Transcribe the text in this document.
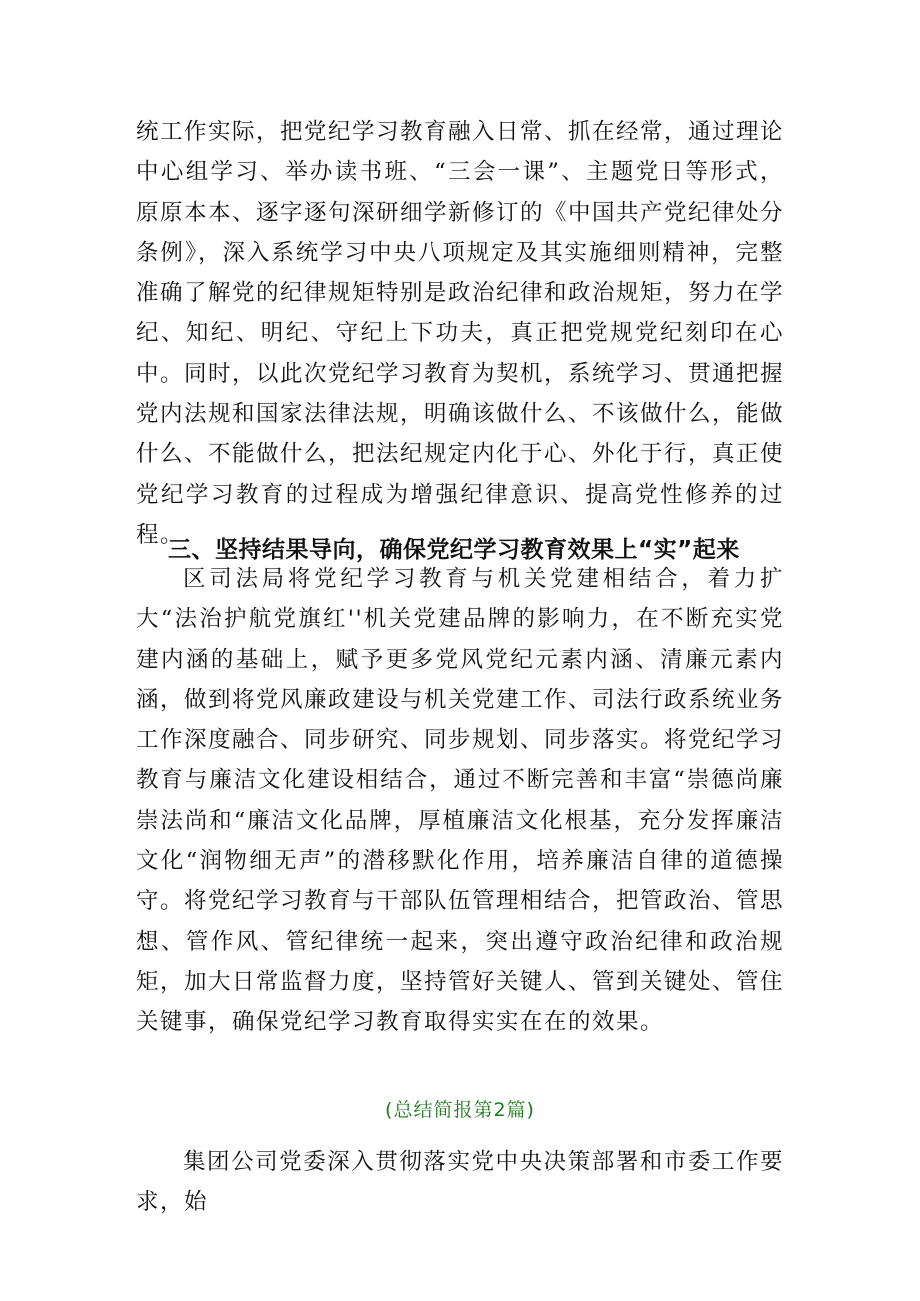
统工作实际，把党纪学习教育融入日常、抓在经常，通过理论中心组学习、举办读书班、“三会一课”、主题党日等形式，原原本本、逐字逐句深研细学新修订的《中国共产党纪律处分条例》，深入系统学习中央八项规定及其实施细则精神，完整准确了解党的纪律规矩特别是政治纪律和政治规矩，努力在学纪、知纪、明纪、守纪上下功夫，真正把党规党纪刻印在心中。同时，以此次党纪学习教育为契机，系统学习、贯通把握党内法规和国家法律法规，明确该做什么、不该做什么，能做什么、不能做什么，把法纪规定内化于心、外化于行，真正使党纪学习教育的过程成为增强纪律意识、提高党性修养的过程。

三、坚持结果导向，确保党纪学习教育效果上“实”起来

区司法局将党纪学习教育与机关党建相结合，着力扩大“法治护航党旗红''机关党建品牌的影响力，在不断充实党建内涵的基础上，赋予更多党风党纪元素内涵、清廉元素内涵，做到将党风廉政建设与机关党建工作、司法行政系统业务工作深度融合、同步研究、同步规划、同步落实。将党纪学习教育与廉洁文化建设相结合，通过不断完善和丰富“崇德尚廉崇法尚和“廉洁文化品牌，厚植廉洁文化根基，充分发挥廉洁文化“润物细无声”的潜移默化作用，培养廉洁自律的道德操守。将党纪学习教育与干部队伍管理相结合，把管政治、管思想、管作风、管纪律统一起来，突出遵守政治纪律和政治规矩，加大日常监督力度，坚持管好关键人、管到关键处、管住关键事，确保党纪学习教育取得实实在在的效果。

(总结简报第2篇)

集团公司党委深入贯彻落实党中央决策部署和市委工作要求，始
